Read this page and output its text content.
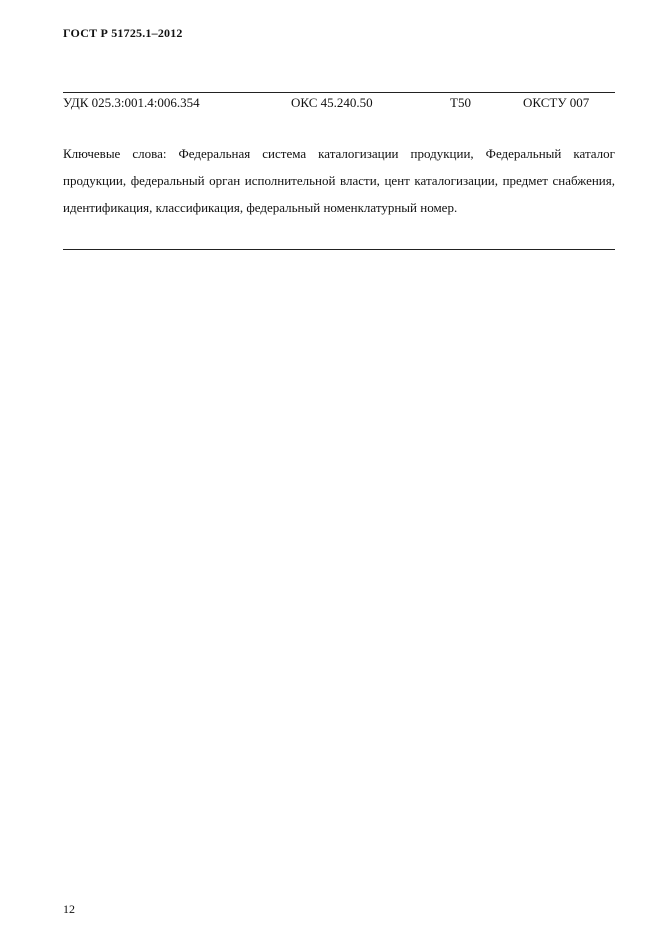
ГОСТ Р 51725.1–2012
УДК 025.3:001.4:006.354	ОКС 45.240.50	Т50	ОКСТУ 007

Ключевые слова: Федеральная система каталогизации продукции, Федеральный каталог продукции, федеральный орган исполнительной власти, цент каталогизации, предмет снабжения, идентификация, классификация, федеральный номенклатурный номер.

12
